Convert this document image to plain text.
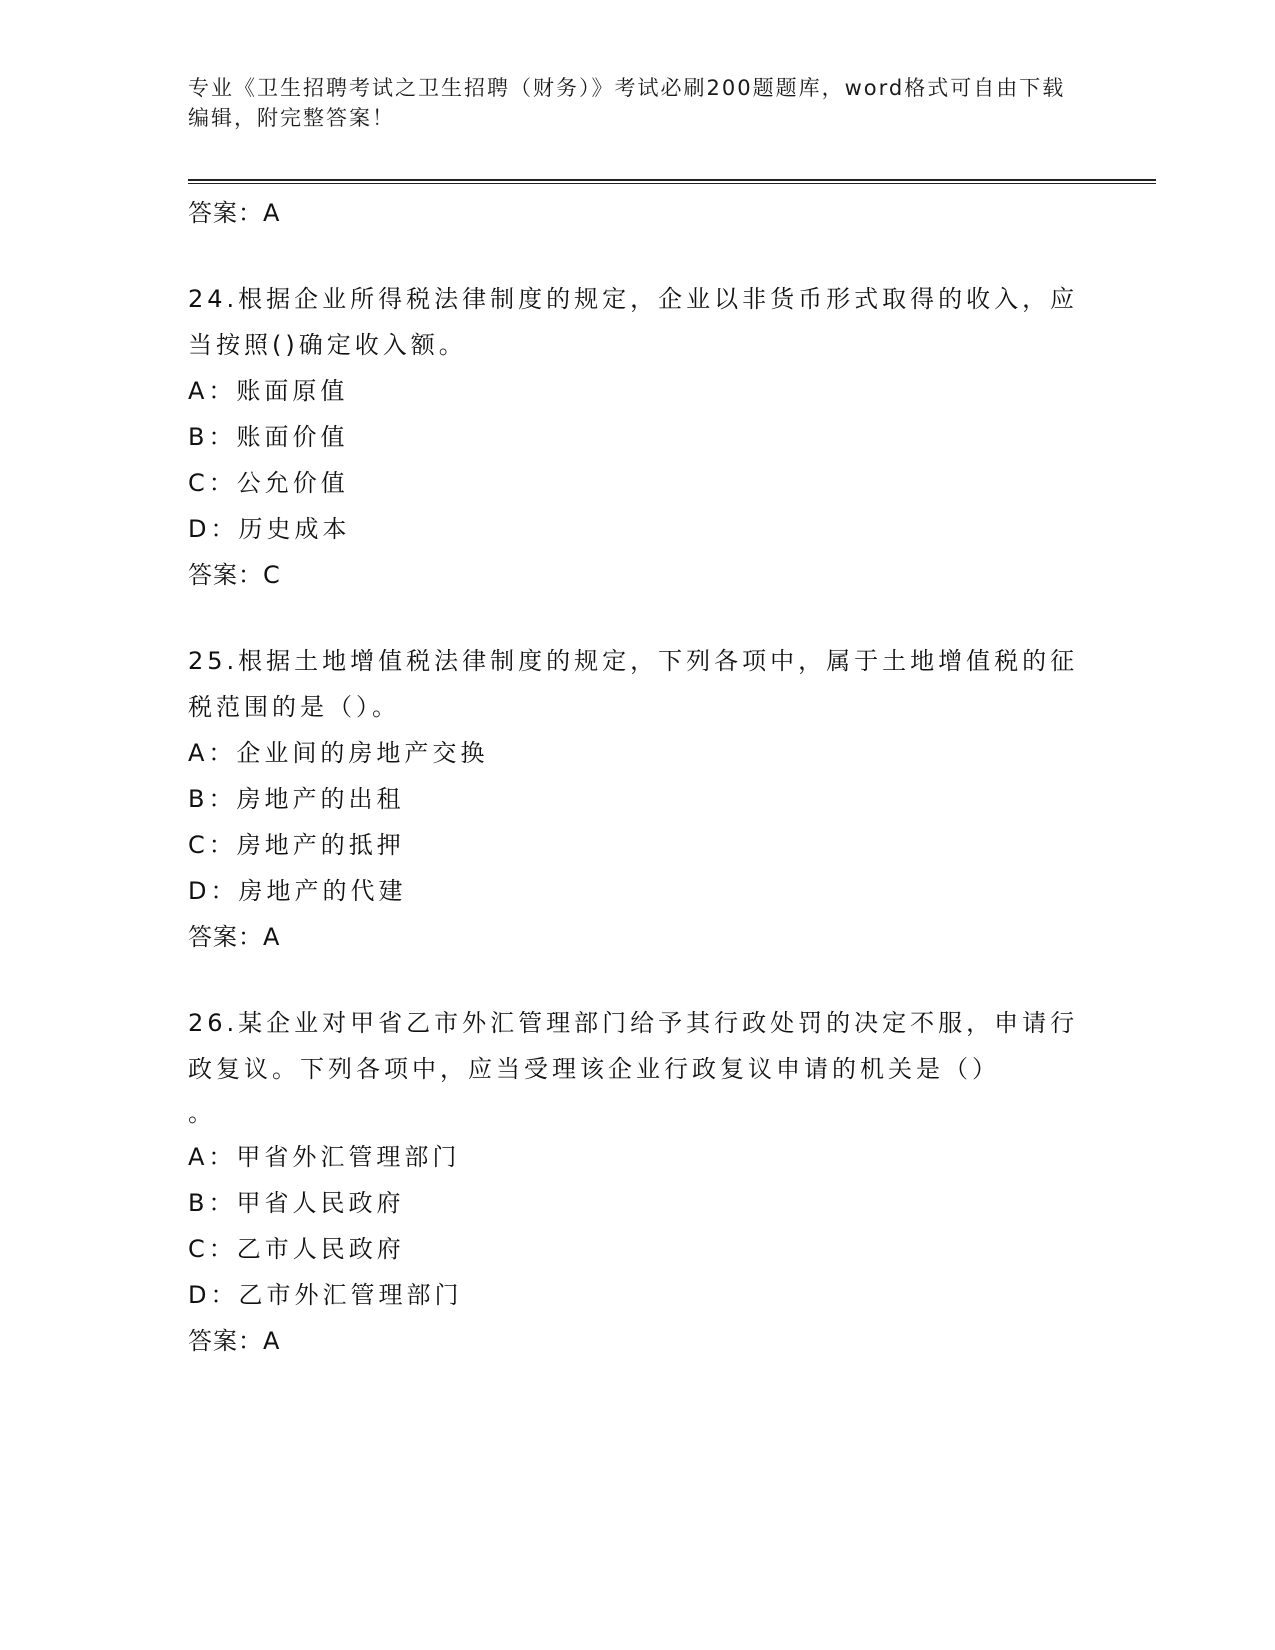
专业《卫生招聘考试之卫生招聘（财务）》考试必刷200题题库，word格式可自由下载编辑，附完整答案！
答案：A
24.根据企业所得税法律制度的规定，企业以非货币形式取得的收入，应当按照()确定收入额。
A：账面原值
B：账面价值
C：公允价值
D：历史成本
答案：C
25.根据土地增值税法律制度的规定，下列各项中，属于土地增值税的征税范围的是（）。
A：企业间的房地产交换
B：房地产的出租
C：房地产的抵押
D：房地产的代建
答案：A
26.某企业对甲省乙市外汇管理部门给予其行政处罚的决定不服，申请行政复议。下列各项中，应当受理该企业行政复议申请的机关是（）
。
A：甲省外汇管理部门
B：甲省人民政府
C：乙市人民政府
D：乙市外汇管理部门
答案：A
